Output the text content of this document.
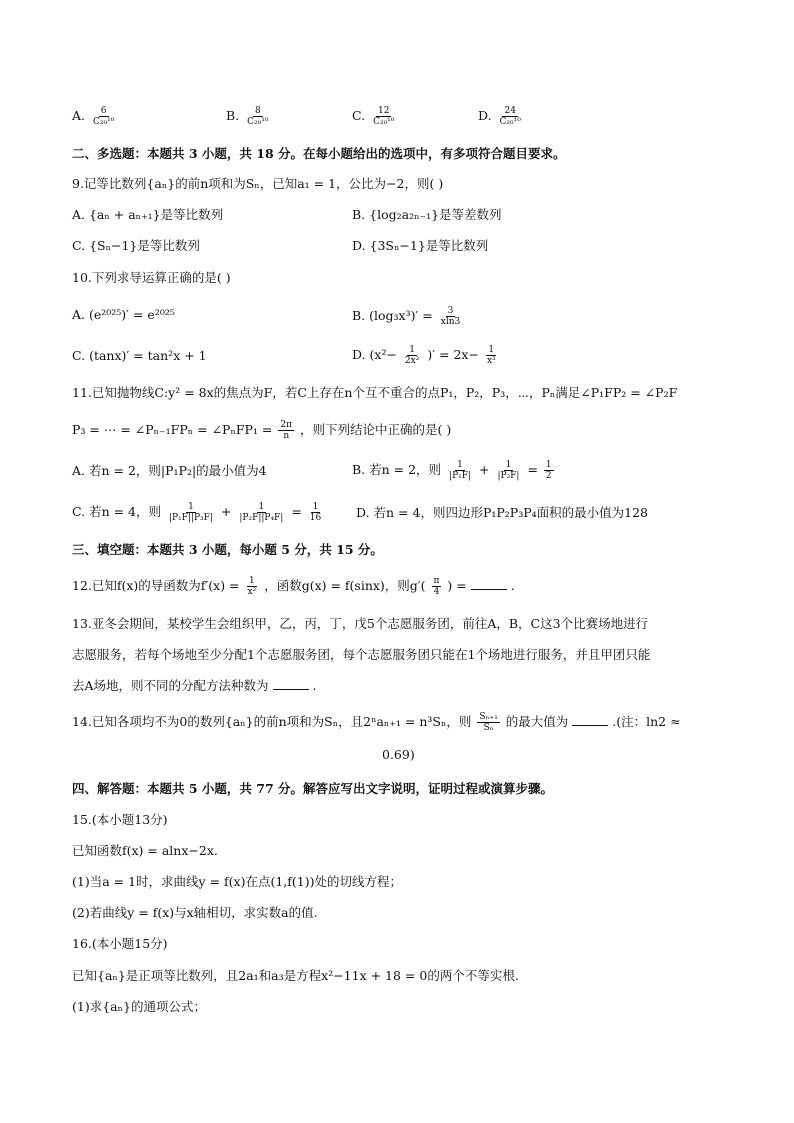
A. $\frac{6}{\text{C₂₀¹⁰}}$	B. $\frac{8}{\text{C₂₀¹⁰}}$	C. $\frac{12}{\text{C₂₀¹⁰}}$	D. $\frac{24}{\text{C₂₀¹⁰}}$
二、多选题：本题共 3 小题，共 18 分。在每小题给出的选项中，有多项符合题目要求。
9.记等比数列{aₙ}的前n项和为Sₙ，已知a₁ = 1，公比为−2，则( )
A. {aₙ + aₙ₊₁}是等比数列	B. {log₂a₂ₙ₋₁}是等差数列
C. {Sₙ−1}是等比数列	D. {3Sₙ−1}是等比数列
10.下列求导运算正确的是( )
A. (e²⁰²⁵)′ = e²⁰²⁵	B. $(\log_3x^3)' = \frac{3}{xln3}$
C. (tanx)′ = tan²x + 1	D. ($x^2- \frac{1}{\text{2x²}}$ )′ = $2x- \frac{1}{\text{x³}}$
11.已知抛物线C:y² = 8x的焦点为F，若C上存在n个互不重合的点P₁，P₂，P₃，⋯，Pₙ满足∠P₁FP₂ = ∠P₂F
P₃ = ⋯ = ∠Pₙ₋₁FPₙ = ∠PₙFP₁ = $\frac{2\pi}{n}$ ，则下列结论中正确的是( )
A. 若n = 2，则|P₁P₂|的最小值为4	B. 若n = 2，则 $\frac{1}{\text{|P₁F|}} + \frac{1}{\text{|P₂F|}} = \frac{1}{2}$
C. 若n = 4，则 $\frac{1}{\text{|P₁F||P₃F|}} + \frac{1}{\text{|P₂F||P₄F|}} = \frac{1}{16}$	D. 若n = 4，则四边形P₁P₂P₃P₄面积的最小值为128
三、填空题：本题共 3 小题，每小题 5 分，共 15 分。
12.已知f(x)的导函数为$f'(x) = \frac{1}{\text{x²}}$ ，函数g(x) = f(sinx)，则$g'( \frac{\pi}{4}$ ) =	.
13.亚冬会期间，某校学生会组织甲，乙，丙，丁，戊5个志愿服务团，前往A，B，C这3个比赛场地进行
志愿服务，若每个场地至少分配1个志愿服务团，每个志愿服务团只能在1个场地进行服务，并且甲团只能
去A场地，则不同的分配方法种数为	.
14.已知各项均不为0的数列{aₙ}的前n项和为Sₙ，且2ⁿaₙ₊₁ = n³Sₙ，则 $\frac{\text{Sₙ₊₁}}{\text{Sₙ}}$ 的最大值为	.(注：ln2 ≈
0.69)
四、解答题：本题共 5 小题，共 77 分。解答应写出文字说明，证明过程或演算步骤。
15.(本小题13分)
已知函数f(x) = alnx−2x.
(1)当a = 1时，求曲线y = f(x)在点(1,f(1))处的切线方程；
(2)若曲线y = f(x)与x轴相切，求实数a的值.
16.(本小题15分)
已知{aₙ}是正项等比数列，且2a₁和a₃是方程x²−11x + 18 = 0的两个不等实根.
(1)求{aₙ}的通项公式；
